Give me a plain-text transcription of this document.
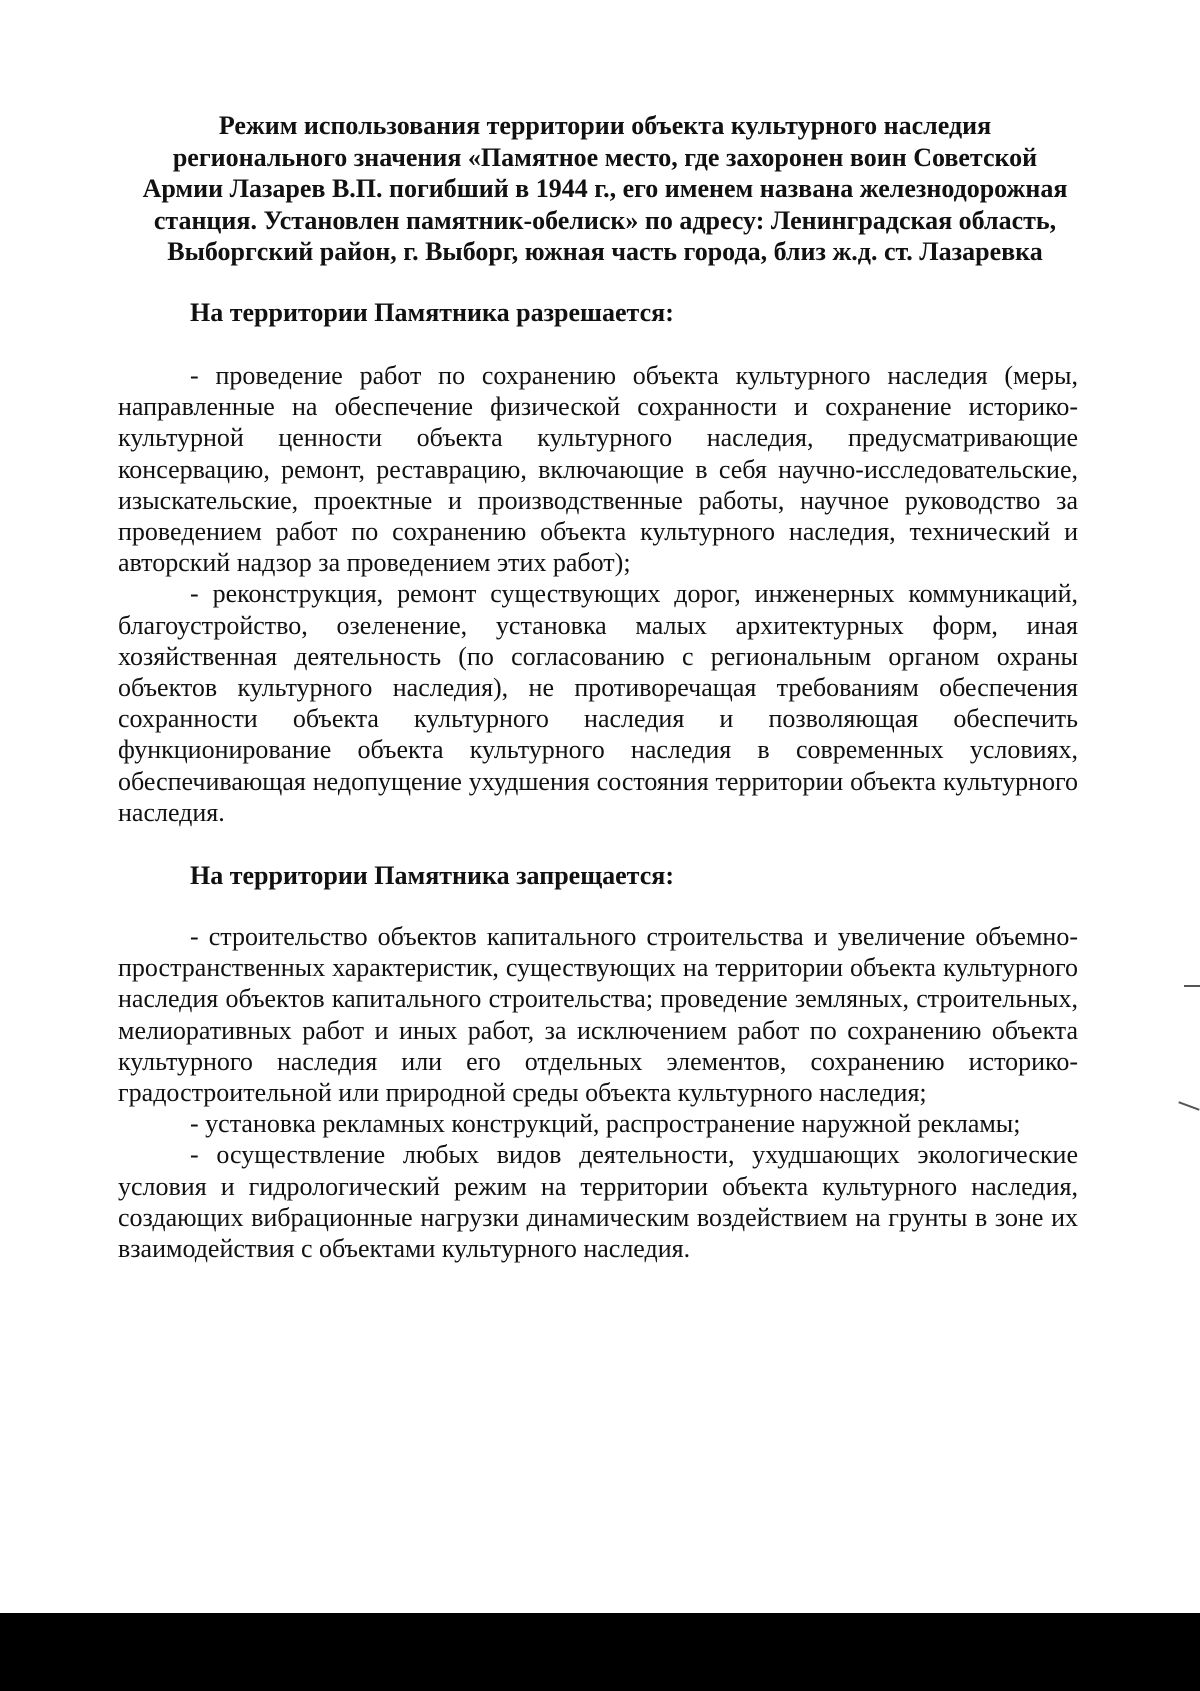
Режим использования территории объекта культурного наследия регионального значения «Памятное место, где захоронен воин Советской Армии Лазарев В.П. погибший в 1944 г., его именем названа железнодорожная станция. Установлен памятник-обелиск» по адресу: Ленинградская область, Выборгский район, г. Выборг, южная часть города, близ ж.д. ст. Лазаревка
На территории Памятника разрешается:

- проведение работ по сохранению объекта культурного наследия (меры, направленные на обеспечение физической сохранности и сохранение историко-культурной ценности объекта культурного наследия, предусматривающие консервацию, ремонт, реставрацию, включающие в себя научно-исследовательские, изыскательские, проектные и производственные работы, научное руководство за проведением работ по сохранению объекта культурного наследия, технический и авторский надзор за проведением этих работ);

- реконструкция, ремонт существующих дорог, инженерных коммуникаций, благоустройство, озеленение, установка малых архитектурных форм, иная хозяйственная деятельность (по согласованию с региональным органом охраны объектов культурного наследия), не противоречащая требованиям обеспечения сохранности объекта культурного наследия и позволяющая обеспечить функционирование объекта культурного наследия в современных условиях, обеспечивающая недопущение ухудшения состояния территории объекта культурного наследия.

На территории Памятника запрещается:

- строительство объектов капитального строительства и увеличение объемно-пространственных характеристик, существующих на территории объекта культурного наследия объектов капитального строительства; проведение земляных, строительных, мелиоративных работ и иных работ, за исключением работ по сохранению объекта культурного наследия или его отдельных элементов, сохранению историко-градостроительной или природной среды объекта культурного наследия;

- установка рекламных конструкций, распространение наружной рекламы;

- осуществление любых видов деятельности, ухудшающих экологические условия и гидрологический режим на территории объекта культурного наследия, создающих вибрационные нагрузки динамическим воздействием на грунты в зоне их взаимодействия с объектами культурного наследия.
